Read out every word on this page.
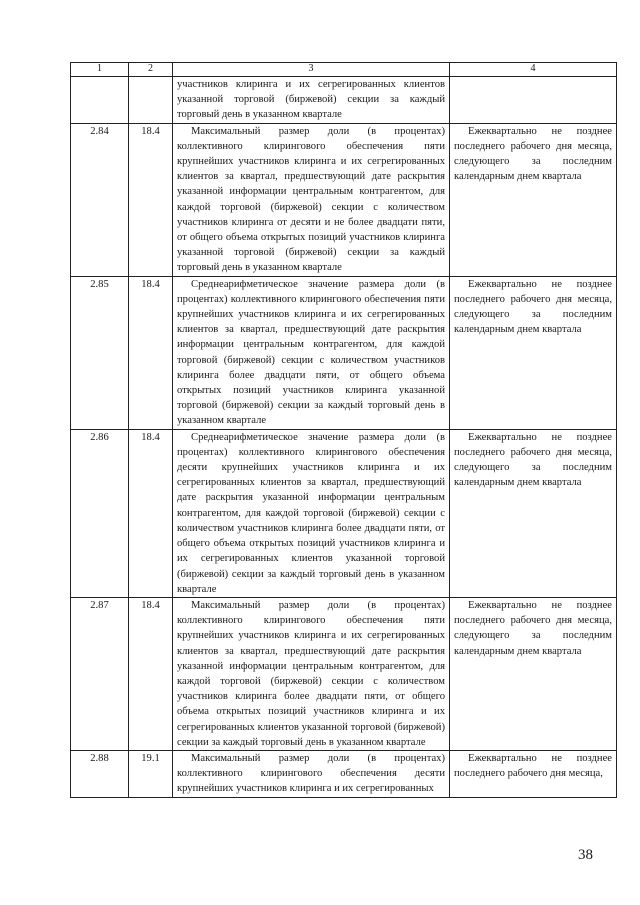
1	2	3	4
		участников клиринга и их сегрегированных клиентов указанной торговой (биржевой) секции за каждый торговый день в указанном квартале	
2.84	18.4	Максимальный размер доли (в процентах) коллективного клирингового обеспечения пяти крупнейших участников клиринга и их сегрегированных клиентов за квартал, предшествующий дате раскрытия указанной информации центральным контрагентом, для каждой торговой (биржевой) секции с количеством участников клиринга от десяти и не более двадцати пяти, от общего объема открытых позиций участников клиринга указанной торговой (биржевой) секции за каждый торговый день в указанном квартале	Ежеквартально не позднее последнего рабочего дня месяца, следующего за последним календарным днем квартала
2.85	18.4	Среднеарифметическое значение размера доли (в процентах) коллективного клирингового обеспечения пяти крупнейших участников клиринга и их сегрегированных клиентов за квартал, предшествующий дате раскрытия информации центральным контрагентом, для каждой торговой (биржевой) секции с количеством участников клиринга более двадцати пяти, от общего объема открытых позиций участников клиринга указанной торговой (биржевой) секции за каждый торговый день в указанном квартале	Ежеквартально не позднее последнего рабочего дня месяца, следующего за последним календарным днем квартала
2.86	18.4	Среднеарифметическое значение размера доли (в процентах) коллективного клирингового обеспечения десяти крупнейших участников клиринга и их сегрегированных клиентов за квартал, предшествующий дате раскрытия указанной информации центральным контрагентом, для каждой торговой (биржевой) секции с количеством участников клиринга более двадцати пяти, от общего объема открытых позиций участников клиринга и их сегрегированных клиентов указанной торговой (биржевой) секции за каждый торговый день в указанном квартале	Ежеквартально не позднее последнего рабочего дня месяца, следующего за последним календарным днем квартала
2.87	18.4	Максимальный размер доли (в процентах) коллективного клирингового обеспечения пяти крупнейших участников клиринга и их сегрегированных клиентов за квартал, предшествующий дате раскрытия указанной информации центральным контрагентом, для каждой торговой (биржевой) секции с количеством участников клиринга более двадцати пяти, от общего объема открытых позиций участников клиринга и их сегрегированных клиентов указанной торговой (биржевой) секции за каждый торговый день в указанном квартале	Ежеквартально не позднее последнего рабочего дня месяца, следующего за последним календарным днем квартала
2.88	19.1	Максимальный размер доли (в процентах) коллективного клирингового обеспечения десяти крупнейших участников клиринга и их сегрегированных	Ежеквартально не позднее последнего рабочего дня месяца,
38
